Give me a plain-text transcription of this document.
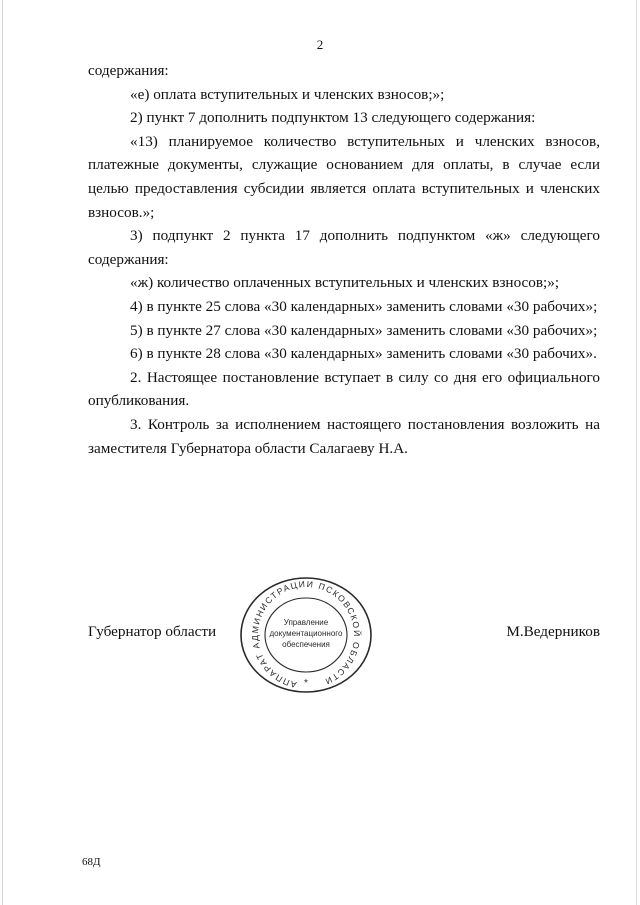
2

содержания:

«е) оплата вступительных и членских взносов;»;

2) пункт 7 дополнить подпунктом 13 следующего содержания:

«13) планируемое количество вступительных и членских взносов, платежные документы, служащие основанием для оплаты, в случае если целью предоставления субсидии является оплата вступительных и членских взносов.»;

3) подпункт 2 пункта 17 дополнить подпунктом «ж» следующего содержания:

«ж) количество оплаченных вступительных и членских взносов;»;

4) в пункте 25 слова «30 календарных» заменить словами «30 рабочих»;

5) в пункте 27 слова «30 календарных» заменить словами «30 рабочих»;

6) в пункте 28 слова «30 календарных» заменить словами «30 рабочих».

2. Настоящее постановление вступает в силу со дня его официального опубликования.

3. Контроль за исполнением настоящего постановления возложить на заместителя Губернатора области Салагаеву Н.А.

Губернатор области	М.Ведерников
АППАРАТ АДМИНИСТРАЦИИ ПСКОВСКОЙ ОБЛАСТИ
*
Управление
документационного
обеспечения
68Д
